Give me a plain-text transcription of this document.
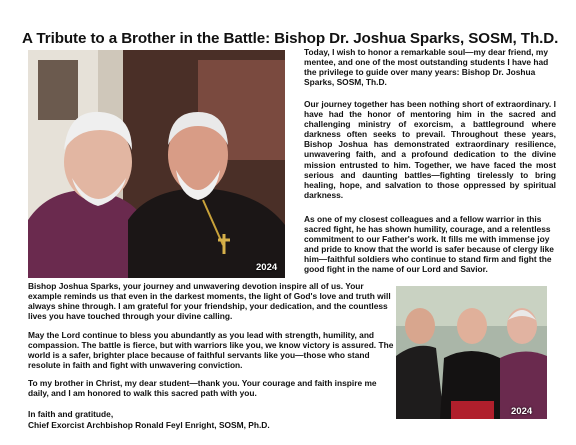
A Tribute to a Brother in the Battle: Bishop Dr. Joshua Sparks, SOSM, Th.D.
2024
2024

Today, I wish to honor a remarkable soul—my dear friend, my mentee, and one of the most outstanding students I have had the privilege to guide over many years: Bishop Dr. Joshua Sparks, SOSM, Th.D.

Our journey together has been nothing short of extraordinary. I have had the honor of mentoring him in the sacred and challenging ministry of exorcism, a battleground where darkness often seeks to prevail. Throughout these years, Bishop Joshua has demonstrated extraordinary resilience, unwavering faith, and a profound dedication to the divine mission entrusted to him. Together, we have faced the most serious and daunting battles—fighting tirelessly to bring healing, hope, and salvation to those oppressed by spiritual darkness.

As one of my closest colleagues and a fellow warrior in this sacred fight, he has shown humility, courage, and a relentless commitment to our Father's work. It fills me with immense joy and pride to know that the world is safer because of clergy like him—faithful soldiers who continue to stand firm and fight the good fight in the name of our Lord and Savior.

Bishop Joshua Sparks, your journey and unwavering devotion inspire all of us. Your example reminds us that even in the darkest moments, the light of God's love and truth will always shine through. I am grateful for your friendship, your dedication, and the countless lives you have touched through your divine calling.

May the Lord continue to bless you abundantly as you lead with strength, humility, and compassion. The battle is fierce, but with warriors like you, we know victory is assured. The world is a safer, brighter place because of faithful servants like you—those who stand resolute in faith and fight with unwavering conviction.

To my brother in Christ, my dear student—thank you. Your courage and faith inspire me daily, and I am honored to walk this sacred path with you.

In faith and gratitude,

Chief Exorcist Archbishop Ronald Feyl Enright, SOSM, Ph.D.
